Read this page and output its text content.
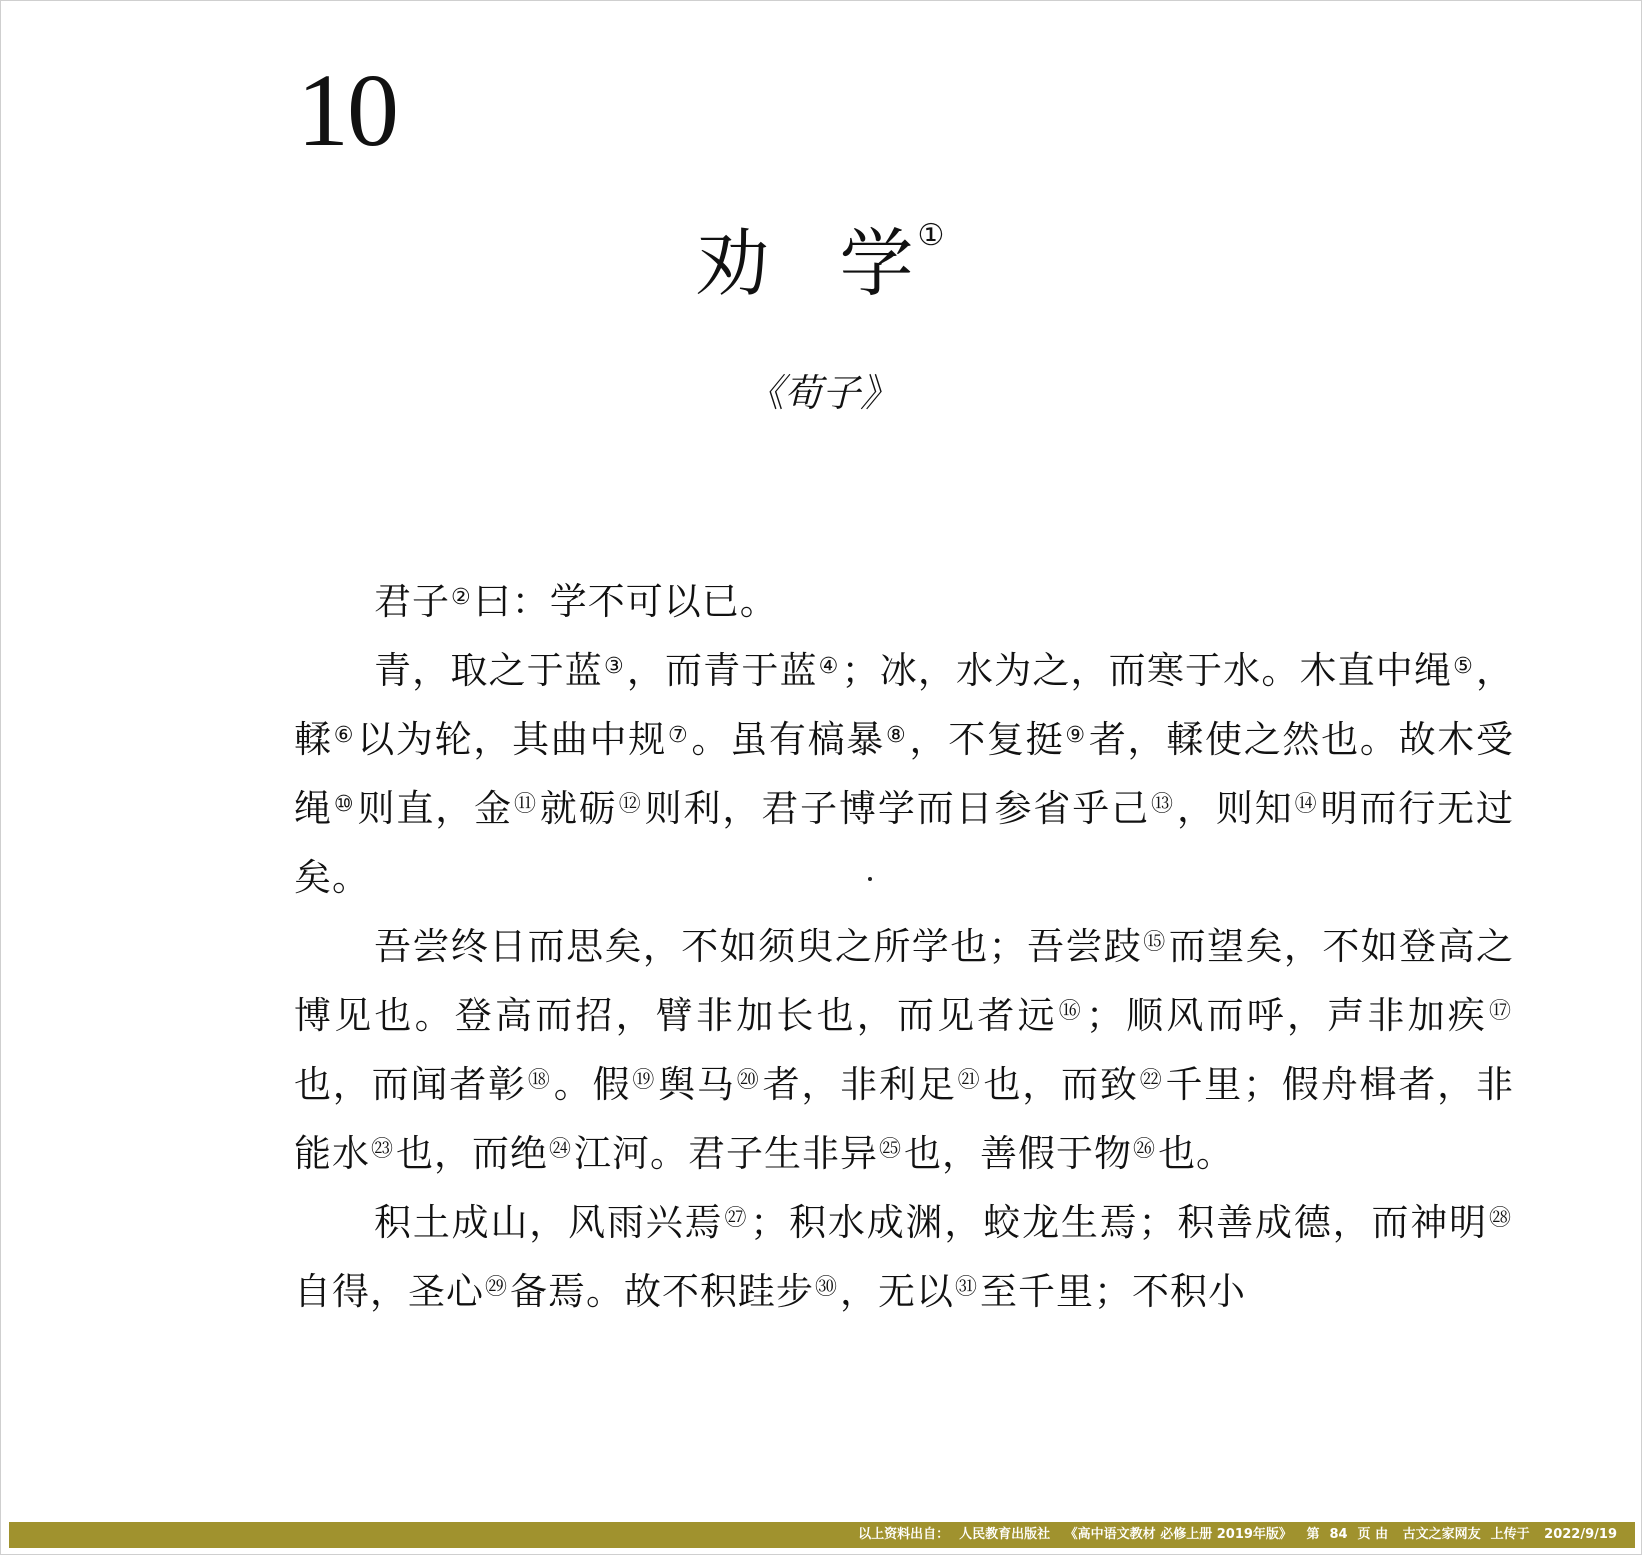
10
劝 学 ①
《荀子》

君子②曰：学不可以已。

青，取之于蓝③，而青于蓝④；冰，水为之，而寒于水。木直中绳⑤，輮⑥以为轮，其曲中规⑦。虽有槁暴⑧，不复挺⑨者，輮使之然也。故木受绳⑩则直，金⑪就砺⑫则利，君子博学而日参省乎己⑬，则知⑭明而行无过矣。

吾尝终日而思矣，不如须臾之所学也；吾尝跂⑮而望矣，不如登高之博见也。登高而招，臂非加长也，而见者远⑯；顺风而呼，声非加疾⑰也，而闻者彰⑱。假⑲舆马⑳者，非利足$^㉑$也，而致$^㉒$千里；假舟楫者，非能水$^㉓$也，而绝$^㉔$江河。君子生非异$^㉕$也，善假于物$^㉖$也。

积土成山，风雨兴焉$^㉗$；积水成渊，蛟龙生焉；积善成德，而神明$^㉘$自得，圣心$^㉙$备焉。故不积跬步$^㉚$，无以$^㉛$至千里；不积小

以上资料出自： 人民教育出版社 《高中语文教材 必修上册 2019年版》 第 84 页 由 古文之家网友 上传于 2022/9/19
